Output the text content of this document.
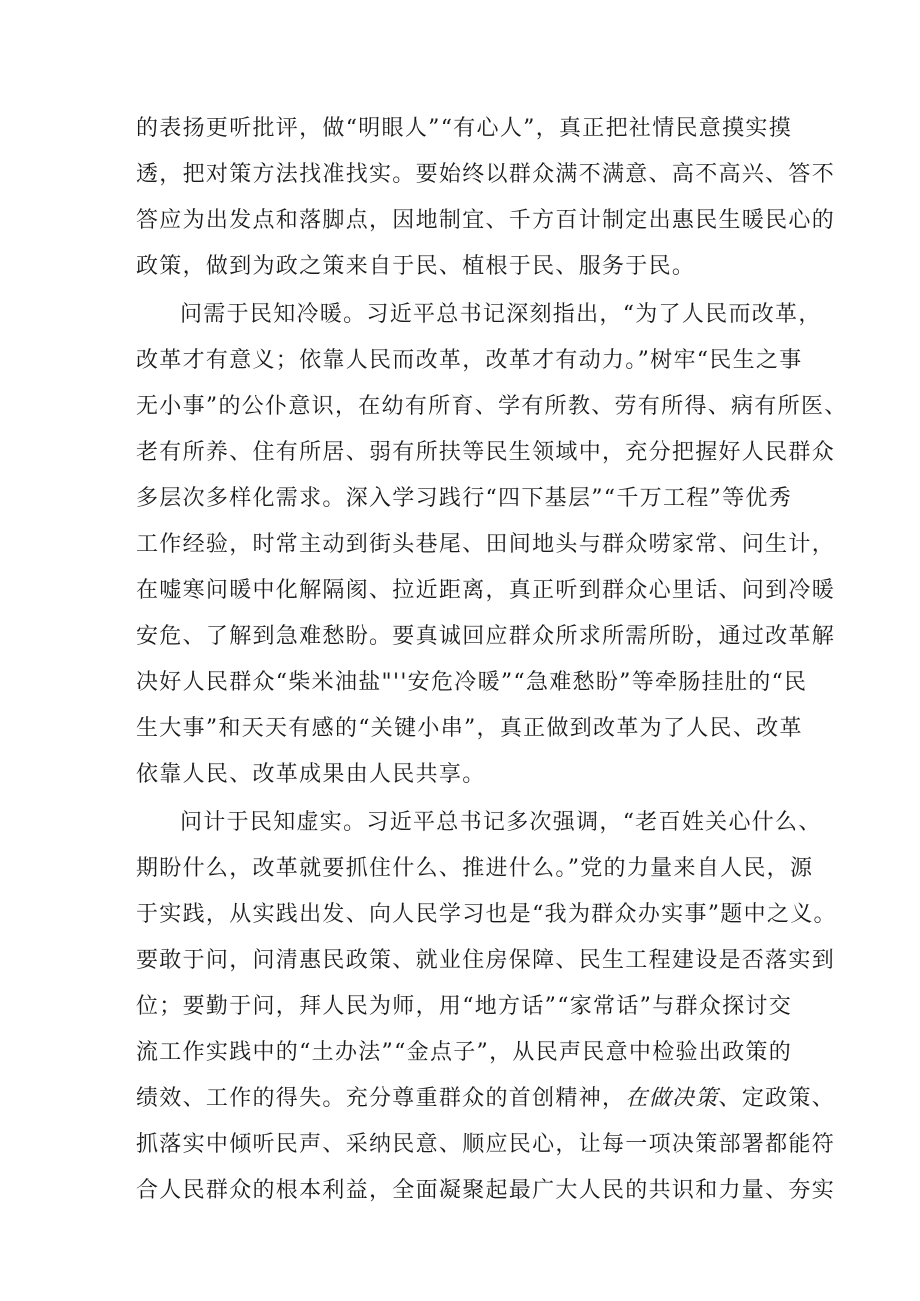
的表扬更听批评，做“明眼人”“有心人”，真正把社情民意摸实摸
透，把对策方法找准找实。要始终以群众满不满意、高不高兴、答不
答应为出发点和落脚点，因地制宜、千方百计制定出惠民生暖民心的
政策，做到为政之策来自于民、植根于民、服务于民。
问需于民知冷暖。习近平总书记深刻指出，“为了人民而改革，
改革才有意义；依靠人民而改革，改革才有动力。”树牢“民生之事
无小事”的公仆意识，在幼有所育、学有所教、劳有所得、病有所医、
老有所养、住有所居、弱有所扶等民生领域中，充分把握好人民群众
多层次多样化需求。深入学习践行“四下基层”“千万工程”等优秀
工作经验，时常主动到街头巷尾、田间地头与群众唠家常、问生计，
在嘘寒问暖中化解隔阂、拉近距离，真正听到群众心里话、问到冷暖
安危、了解到急难愁盼。要真诚回应群众所求所需所盼，通过改革解
决好人民群众“柴米油盐"''安危冷暖”“急难愁盼”等牵肠挂肚的“民
生大事”和天天有感的“关键小串”，真正做到改革为了人民、改革
依靠人民、改革成果由人民共享。
问计于民知虚实。习近平总书记多次强调，“老百姓关心什么、
期盼什么，改革就要抓住什么、推进什么。”党的力量来自人民，源
于实践，从实践出发、向人民学习也是“我为群众办实事”题中之义。
要敢于问，问清惠民政策、就业住房保障、民生工程建设是否落实到
位；要勤于问，拜人民为师，用“地方话”“家常话”与群众探讨交
流工作实践中的“土办法”“金点子”，从民声民意中检验出政策的
绩效、工作的得失。充分尊重群众的首创精神，在做决策、定政策、
抓落实中倾听民声、采纳民意、顺应民心，让每一项决策部署都能符
合人民群众的根本利益，全面凝聚起最广大人民的共识和力量、夯实
